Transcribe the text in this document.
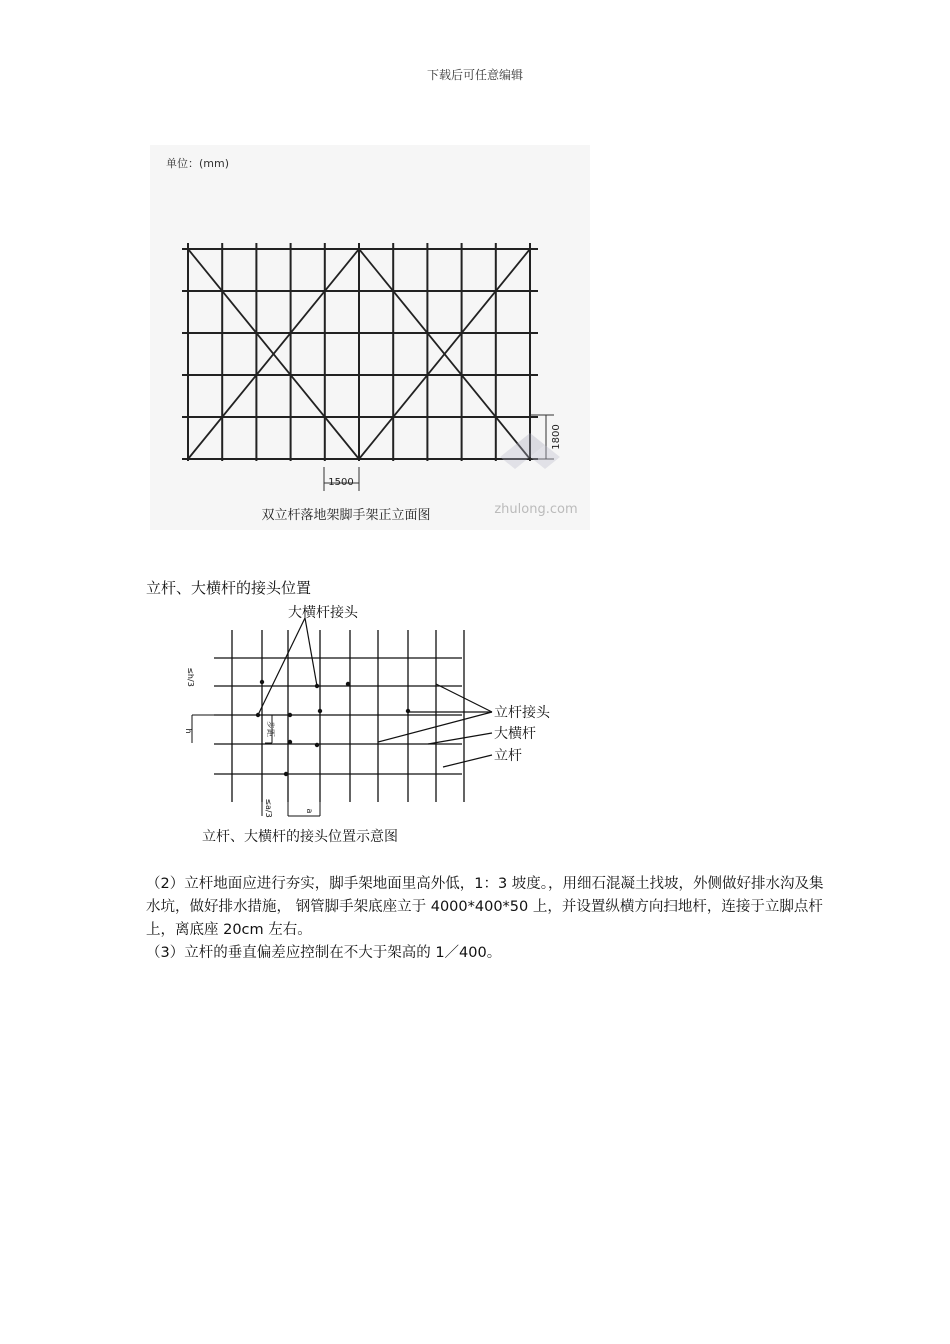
下载后可任意编辑
单位：(mm)
1500
1800
zhulong.com
双立杆落地架脚手架正立面图
立杆、大横杆的接头位置
大横杆接头
立杆接头
大横杆
立杆
≤h/3
h	步距
≤a/3	a
立杆、大横杆的接头位置示意图

（2）立杆地面应进行夯实，脚手架地面里高外低，1：3 坡度。，用细石混凝土找坡，外侧做好排水沟及集水坑，做好排水措施， 钢管脚手架底座立于 4000*400*50 上，并设置纵横方向扫地杆，连接于立脚点杆上，离底座 20cm 左右。

（3）立杆的垂直偏差应控制在不大于架高的 1／400。
